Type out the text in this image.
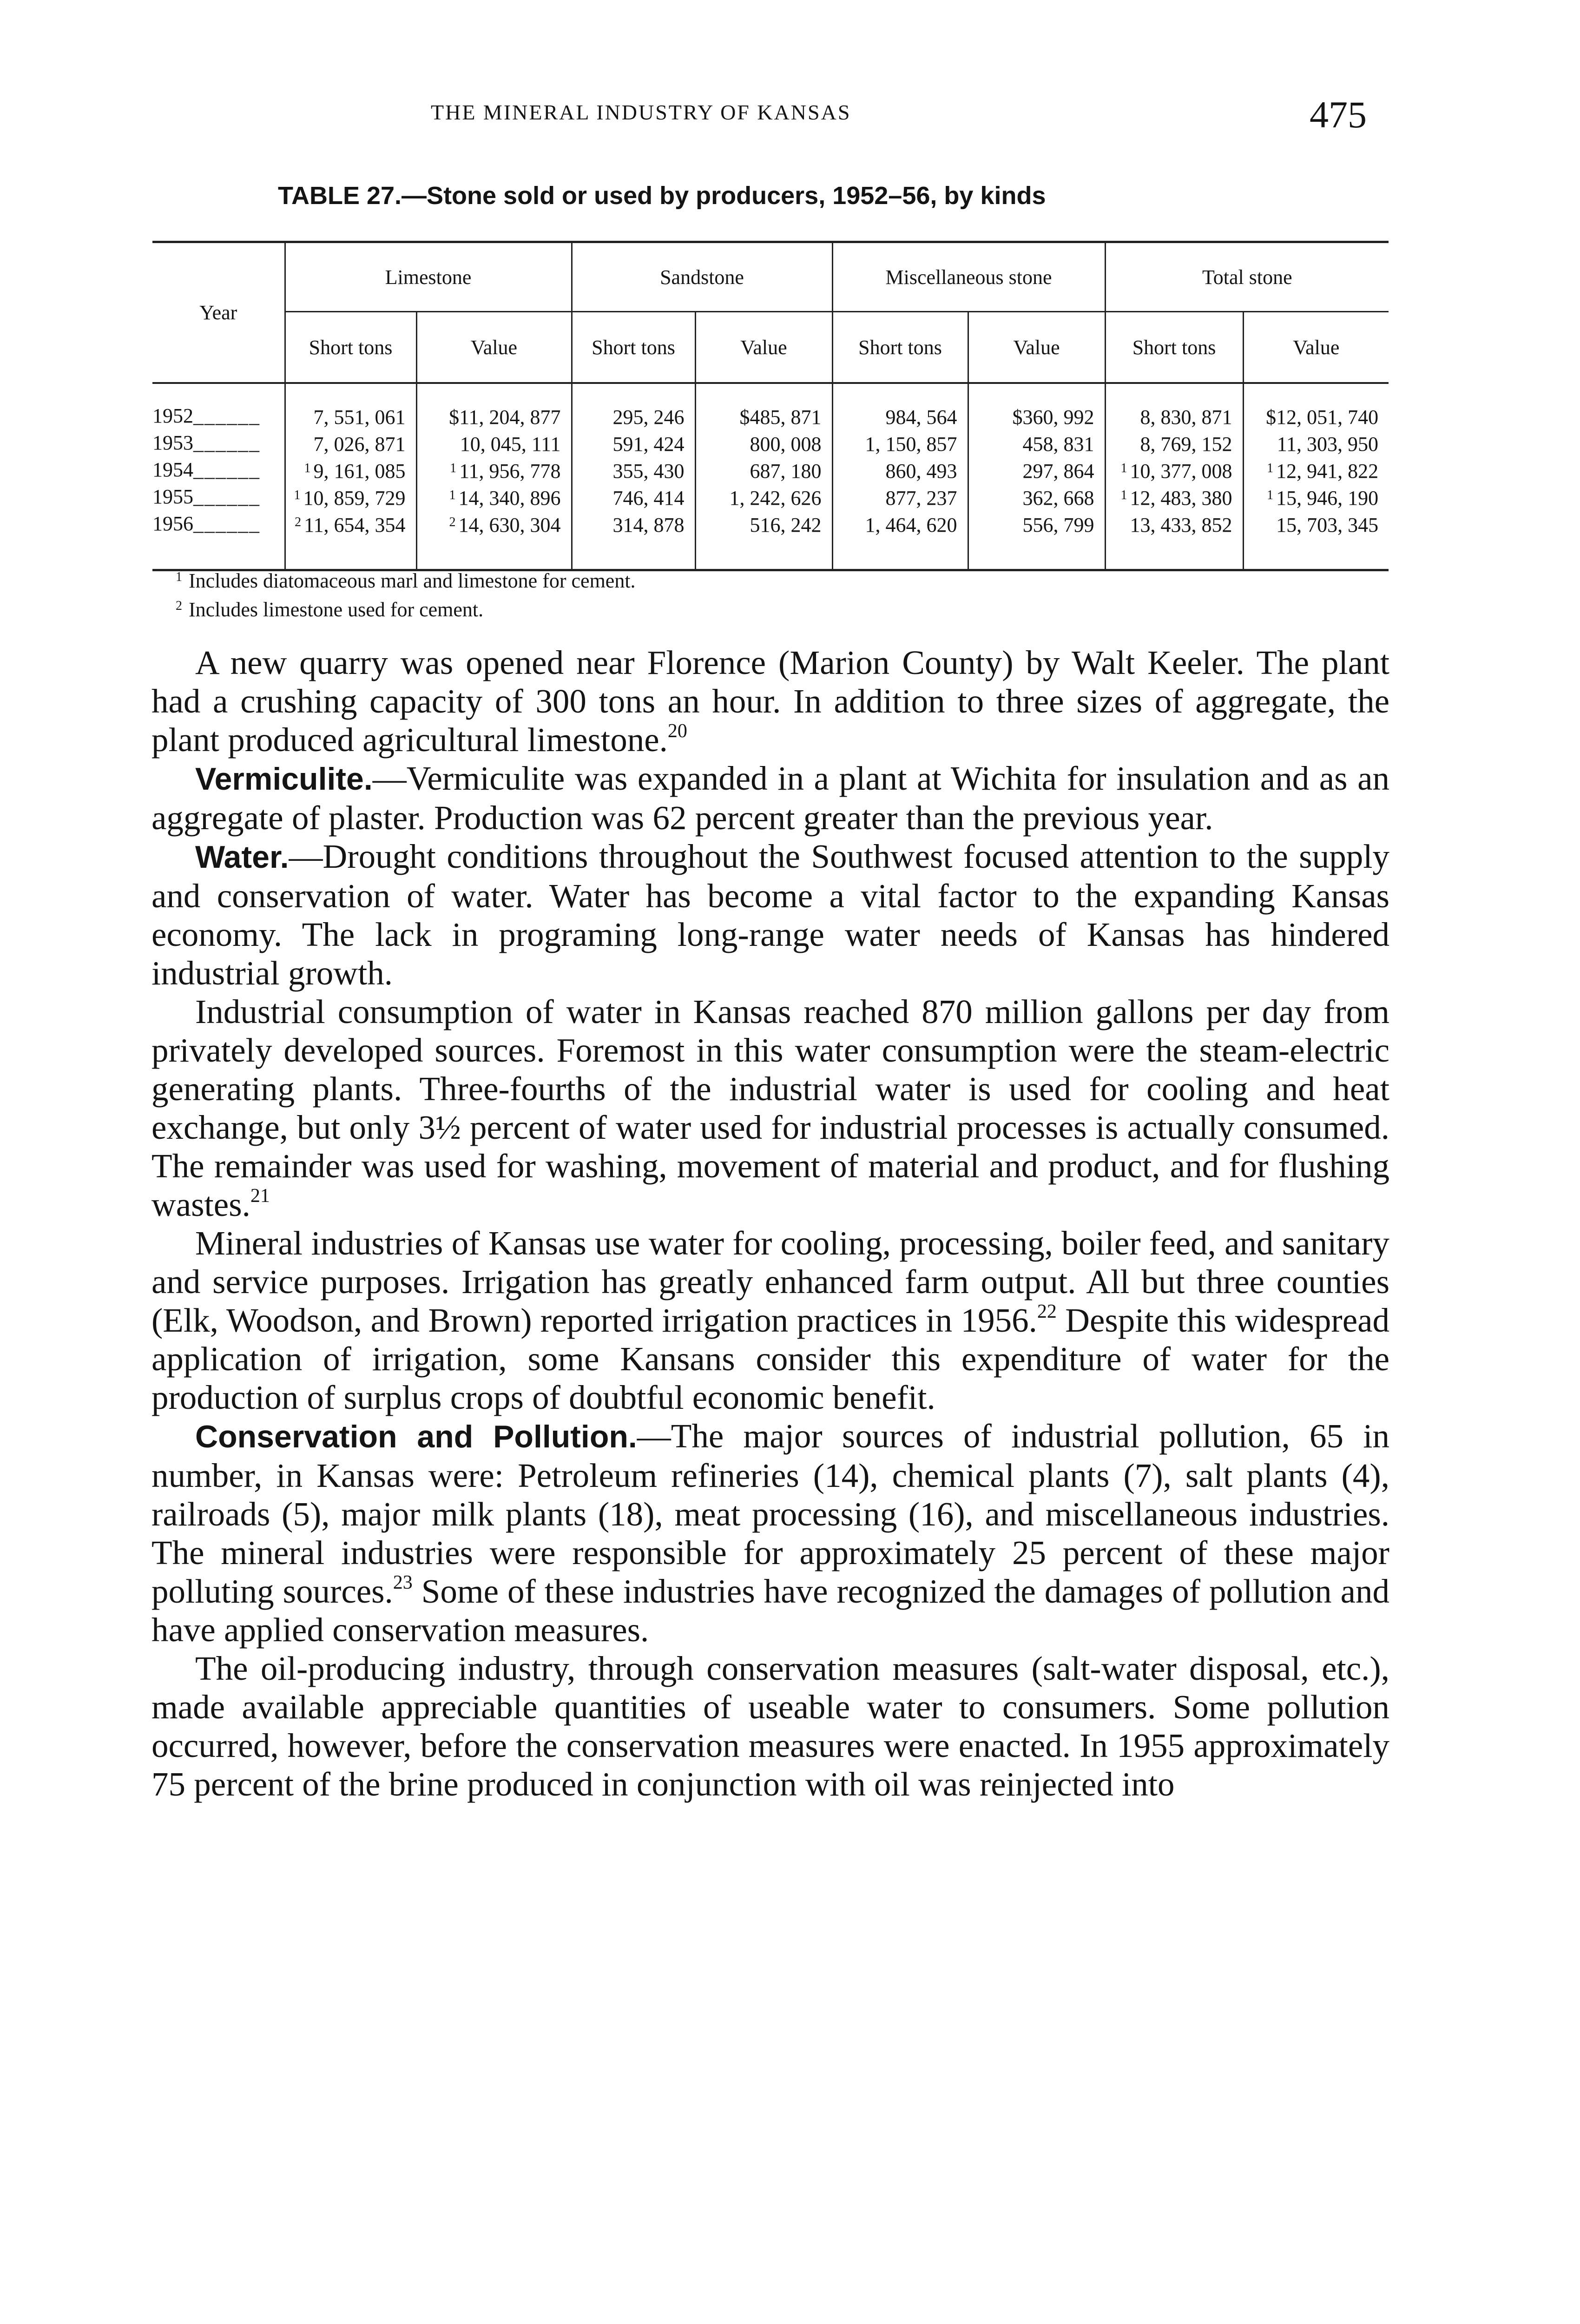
THE MINERAL INDUSTRY OF KANSAS	475
TABLE 27.—Stone sold or used by producers, 1952–56, by kinds
Year	Limestone		Sandstone		Miscellaneous stone		Total stone	
	Short tons	Value	Short tons	Value	Short tons	Value	Short tons	Value
1952______	7, 551, 061	$11, 204, 877	295, 246	$485, 871	984, 564	$360, 992	8, 830, 871	$12, 051, 740
1953______	7, 026, 871	10, 045, 111	591, 424	800, 008	1, 150, 857	458, 831	8, 769, 152	11, 303, 950
1954______	$^1$ 9, 161, 085	$^1$ 11, 956, 778	355, 430	687, 180	860, 493	297, 864	$^1$ 10, 377, 008	$^1$ 12, 941, 822
1955______	$^1$ 10, 859, 729	$^1$ 14, 340, 896	746, 414	1, 242, 626	877, 237	362, 668	$^1$ 12, 483, 380	$^1$ 15, 946, 190
1956______	$^2$ 11, 654, 354	$^2$ 14, 630, 304	314, 878	516, 242	1, 464, 620	556, 799	13, 433, 852	15, 703, 345
$^1$ Includes diatomaceous marl and limestone for cement.
$^2$ Includes limestone used for cement.

A new quarry was opened near Florence (Marion County) by Walt Keeler. The plant had a crushing capacity of 300 tons an hour. In addition to three sizes of aggregate, the plant produced agricultural limestone.$^{20}$

Vermiculite.—Vermiculite was expanded in a plant at Wichita for insulation and as an aggregate of plaster. Production was 62 percent greater than the previous year.

Water.—Drought conditions throughout the Southwest focused attention to the supply and conservation of water. Water has become a vital factor to the expanding Kansas economy. The lack in programing long-range water needs of Kansas has hindered industrial growth.

Industrial consumption of water in Kansas reached 870 million gallons per day from privately developed sources. Foremost in this water consumption were the steam-electric generating plants. Three-fourths of the industrial water is used for cooling and heat exchange, but only 3½ percent of water used for industrial processes is actually consumed. The remainder was used for washing, movement of material and product, and for flushing wastes.$^{21}$

Mineral industries of Kansas use water for cooling, processing, boiler feed, and sanitary and service purposes. Irrigation has greatly enhanced farm output. All but three counties (Elk, Woodson, and Brown) reported irrigation practices in 1956.22 Despite this widespread application of irrigation, some Kansans consider this expenditure of water for the production of surplus crops of doubtful economic benefit.

Conservation and Pollution.—The major sources of industrial pollution, 65 in number, in Kansas were: Petroleum refineries (14), chemical plants (7), salt plants (4), railroads (5), major milk plants (18), meat processing (16), and miscellaneous industries. The mineral industries were responsible for approximately 25 percent of these major polluting sources.$^{23}$ Some of these industries have recognized the damages of pollution and have applied conservation measures.

The oil-producing industry, through conservation measures (salt-water disposal, etc.), made available appreciable quantities of useable water to consumers. Some pollution occurred, however, before the conservation measures were enacted. In 1955 approximately 75 percent of the brine produced in conjunction with oil was reinjected into
